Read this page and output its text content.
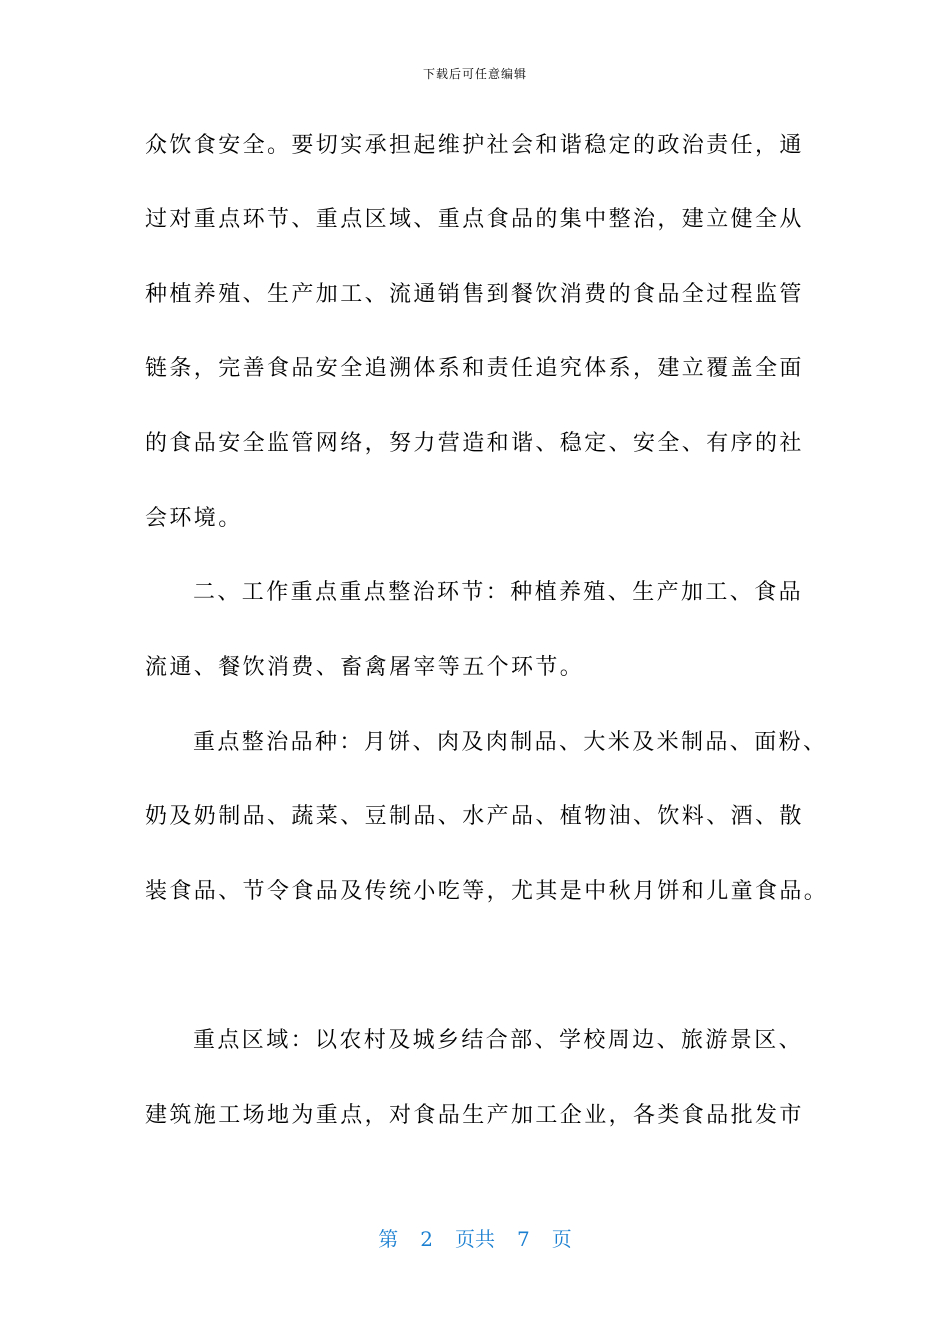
下载后可任意编辑
众饮食安全。要切实承担起维护社会和谐稳定的政治责任，通
过对重点环节、重点区域、重点食品的集中整治，建立健全从
种植养殖、生产加工、流通销售到餐饮消费的食品全过程监管
链条，完善食品安全追溯体系和责任追究体系，建立覆盖全面
的食品安全监管网络，努力营造和谐、稳定、安全、有序的社
会环境。
二、工作重点重点整治环节：种植养殖、生产加工、食品
流通、餐饮消费、畜禽屠宰等五个环节。
重点整治品种：月饼、肉及肉制品、大米及米制品、面粉、
奶及奶制品、蔬菜、豆制品、水产品、植物油、饮料、酒、散
装食品、节令食品及传统小吃等，尤其是中秋月饼和儿童食品。
重点区域：以农村及城乡结合部、学校周边、旅游景区、
建筑施工场地为重点，对食品生产加工企业，各类食品批发市
第 2 页共 7 页
